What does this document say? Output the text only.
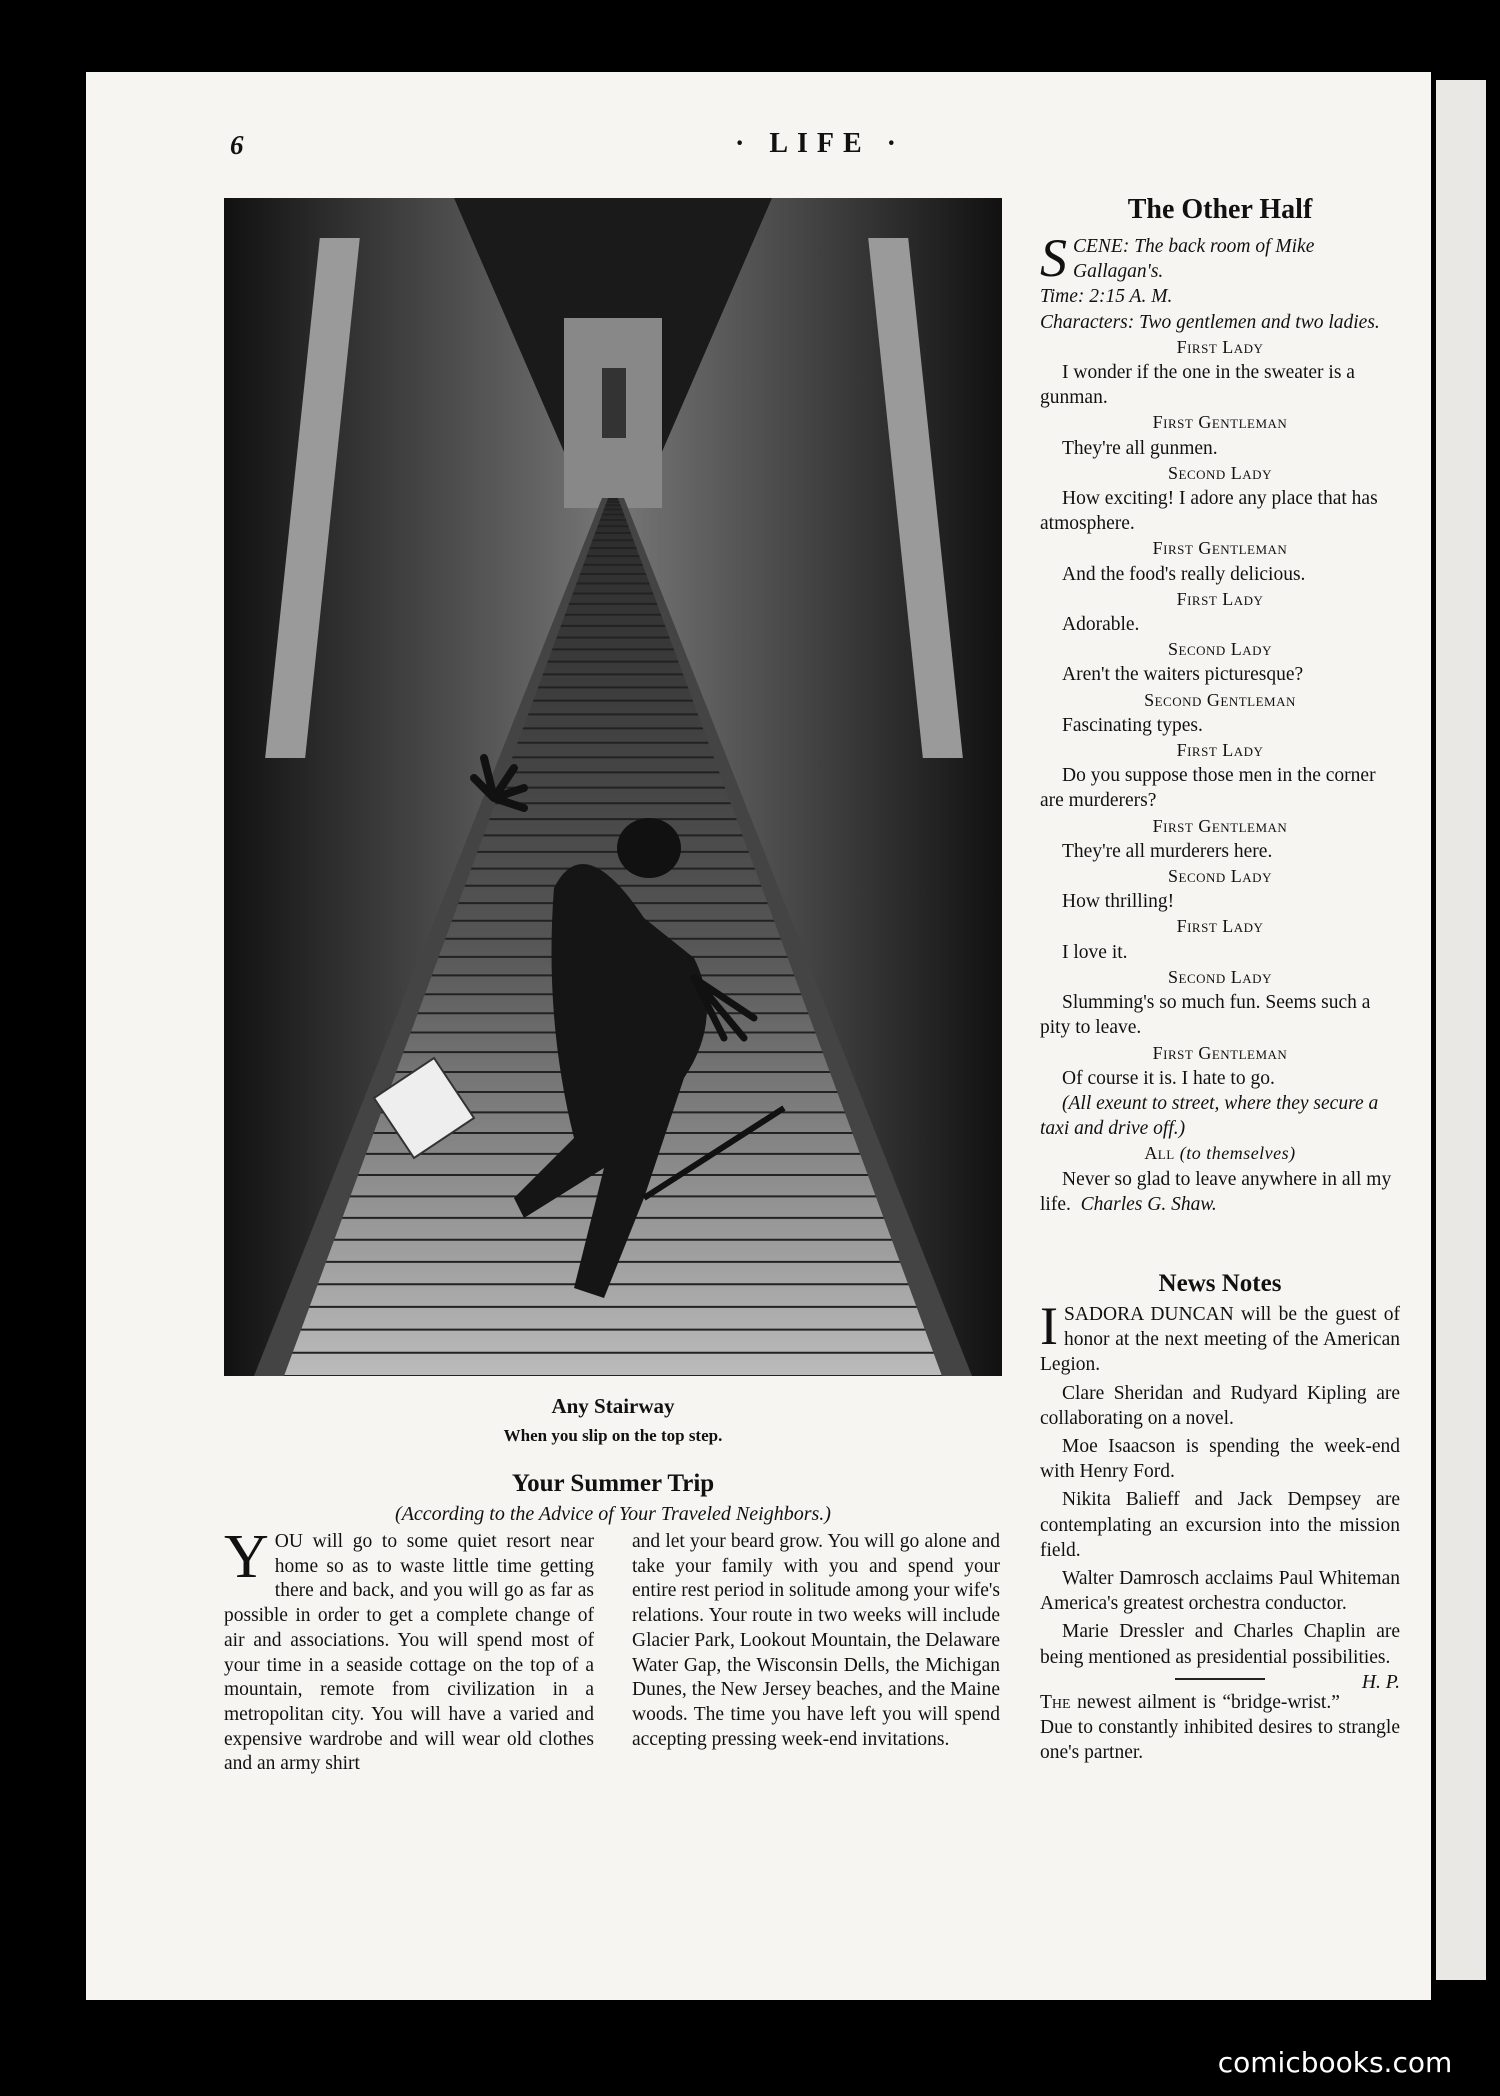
6	· LIFE ·
Any Stairway
When you slip on the top step.
Your Summer Trip
(According to the Advice of Your Traveled Neighbors.)
YOU will go to some quiet resort near home so as to waste little time getting there and back, and you will go as far as possible in order to get a complete change of air and associations. You will spend most of your time in a seaside cottage on the top of a mountain, remote from civilization in a metropolitan city. You will have a varied and expensive wardrobe and will wear old clothes and an army shirt
and let your beard grow. You will go alone and take your family with you and spend your entire rest period in solitude among your wife's relations. Your route in two weeks will include Glacier Park, Lookout Mountain, the Delaware Water Gap, the Wisconsin Dells, the Michigan Dunes, the New Jersey beaches, and the Maine woods. The time you have left you will spend accepting pressing week-end invitations.
The Other Half

SCENE: The back room of Mike Gallagan's.

Time: 2:15 A. M.

Characters: Two gentlemen and two ladies.

First Lady

I wonder if the one in the sweater is a gunman.

First Gentleman

They're all gunmen.

Second Lady

How exciting! I adore any place that has atmosphere.

First Gentleman

And the food's really delicious.

First Lady

Adorable.

Second Lady

Aren't the waiters picturesque?

Second Gentleman

Fascinating types.

First Lady

Do you suppose those men in the corner are murderers?

First Gentleman

They're all murderers here.

Second Lady

How thrilling!

First Lady

I love it.

Second Lady

Slumming's so much fun. Seems such a pity to leave.

First Gentleman

Of course it is. I hate to go.

(All exeunt to street, where they secure a taxi and drive off.)

All (to themselves)

Never so glad to leave anywhere in all my life. Charles G. Shaw.

News Notes

ISADORA DUNCAN will be the guest of honor at the next meeting of the American Legion.

Clare Sheridan and Rudyard Kipling are collaborating on a novel.

Moe Isaacson is spending the week-end with Henry Ford.

Nikita Balieff and Jack Dempsey are contemplating an excursion into the mission field.

Walter Damrosch acclaims Paul Whiteman America's greatest orchestra conductor.

Marie Dressler and Charles Chaplin are being mentioned as presidential possibilities.
H. P.

The newest ailment is “bridge-wrist.” Due to constantly inhibited desires to strangle one's partner.

comicbooks.com
